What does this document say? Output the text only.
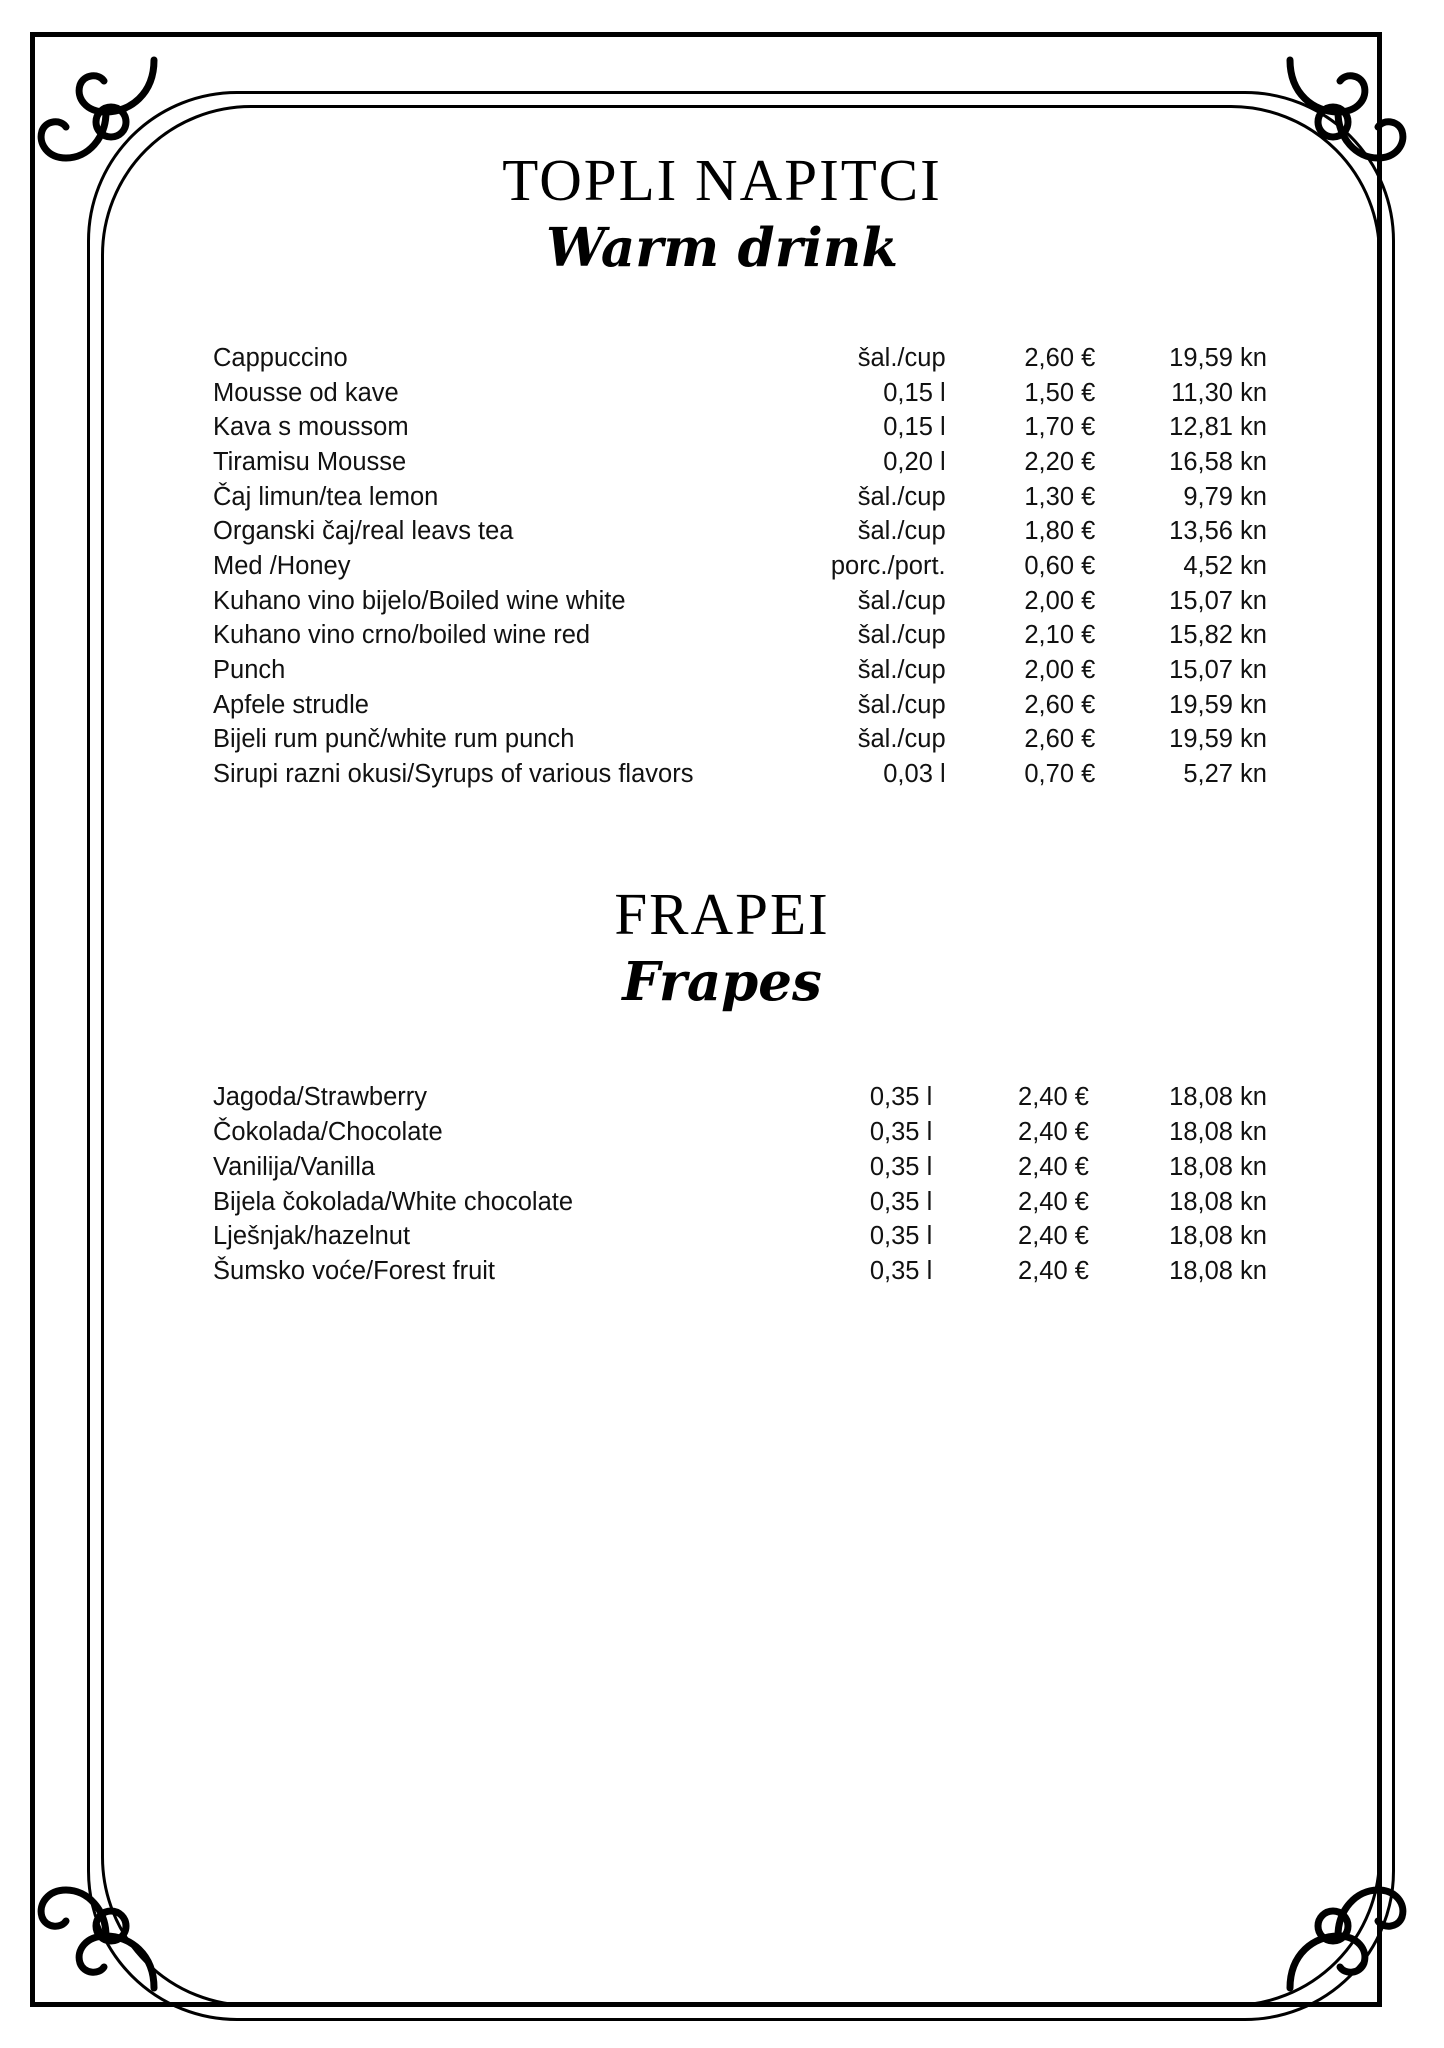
TOPLI NAPITCI
Warm drink
Cappuccino	šal./cup	2,60 €	19,59 kn
Mousse od kave	0,15 l	1,50 €	11,30 kn
Kava s moussom	0,15 l	1,70 €	12,81 kn
Tiramisu Mousse	0,20 l	2,20 €	16,58 kn
Čaj limun/tea lemon	šal./cup	1,30 €	9,79 kn
Organski čaj/real leavs tea	šal./cup	1,80 €	13,56 kn
Med /Honey	porc./port.	0,60 €	4,52 kn
Kuhano vino bijelo/Boiled wine white	šal./cup	2,00 €	15,07 kn
Kuhano vino crno/boiled wine red	šal./cup	2,10 €	15,82 kn
Punch	šal./cup	2,00 €	15,07 kn
Apfele strudle	šal./cup	2,60 €	19,59 kn
Bijeli rum punč/white rum punch	šal./cup	2,60 €	19,59 kn
Sirupi razni okusi/Syrups of various flavors	0,03 l	0,70 €	5,27 kn
FRAPEI
Frapes
Jagoda/Strawberry	0,35 l	2,40 €	18,08 kn
Čokolada/Chocolate	0,35 l	2,40 €	18,08 kn
Vanilija/Vanilla	0,35 l	2,40 €	18,08 kn
Bijela čokolada/White chocolate	0,35 l	2,40 €	18,08 kn
Lješnjak/hazelnut	0,35 l	2,40 €	18,08 kn
Šumsko voće/Forest fruit	0,35 l	2,40 €	18,08 kn
